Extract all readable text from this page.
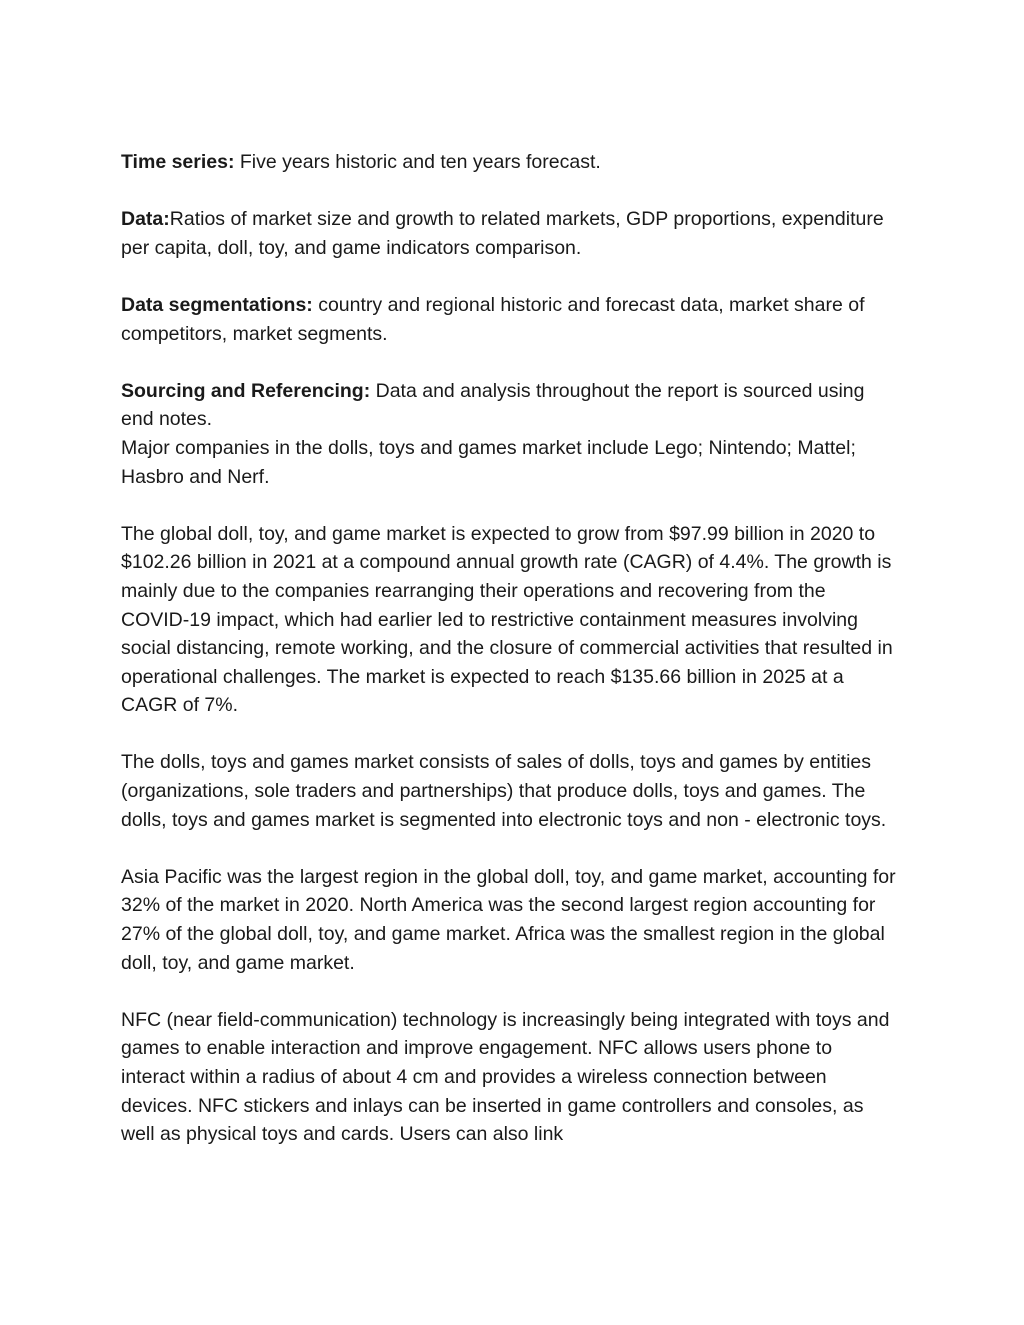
Time series: Five years historic and ten years forecast.

Data:Ratios of market size and growth to related markets, GDP proportions, expenditure per capita, doll, toy, and game indicators comparison.

Data segmentations: country and regional historic and forecast data, market share of competitors, market segments.

Sourcing and Referencing: Data and analysis throughout the report is sourced using end notes.

Major companies in the dolls, toys and games market include Lego; Nintendo; Mattel; Hasbro and Nerf.

The global doll, toy, and game market is expected to grow from $97.99 billion in 2020 to $102.26 billion in 2021 at a compound annual growth rate (CAGR) of 4.4%. The growth is mainly due to the companies rearranging their operations and recovering from the COVID-19 impact, which had earlier led to restrictive containment measures involving social distancing, remote working, and the closure of commercial activities that resulted in operational challenges. The market is expected to reach $135.66 billion in 2025 at a CAGR of 7%.

The dolls, toys and games market consists of sales of dolls, toys and games by entities (organizations, sole traders and partnerships) that produce dolls, toys and games. The dolls, toys and games market is segmented into electronic toys and non - electronic toys.

Asia Pacific was the largest region in the global doll, toy, and game market, accounting for 32% of the market in 2020. North America was the second largest region accounting for 27% of the global doll, toy, and game market. Africa was the smallest region in the global doll, toy, and game market.

NFC (near field-communication) technology is increasingly being integrated with toys and games to enable interaction and improve engagement. NFC allows users phone to interact within a radius of about 4 cm and provides a wireless connection between devices. NFC stickers and inlays can be inserted in game controllers and consoles, as well as physical toys and cards. Users can also link
